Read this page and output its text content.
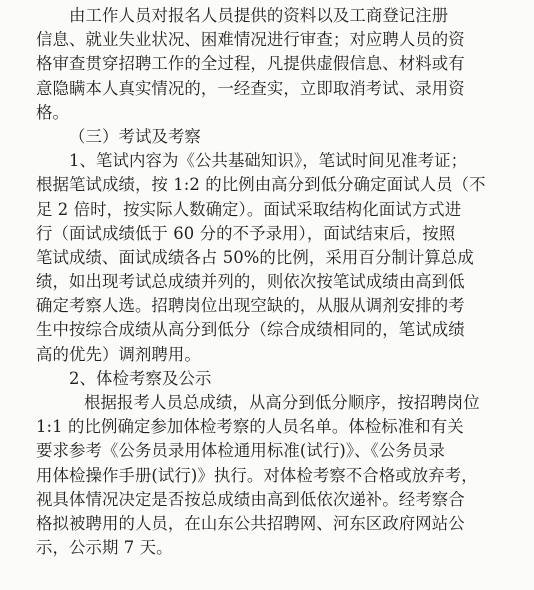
由工作人员对报名人员提供的资料以及工商登记注册
信息、就业失业状况、困难情况进行审查；对应聘人员的资
格审查贯穿招聘工作的全过程，凡提供虚假信息、材料或有
意隐瞒本人真实情况的，一经查实，立即取消考试、录用资
格。
（三）考试及考察
1、笔试内容为《公共基础知识》，笔试时间见准考证；
根据笔试成绩，按 1:2 的比例由高分到低分确定面试人员（不
足 2 倍时，按实际人数确定）。面试采取结构化面试方式进
行（面试成绩低于 60 分的不予录用），面试结束后，按照
笔试成绩、面试成绩各占 50%的比例，采用百分制计算总成
绩，如出现考试总成绩并列的，则依次按笔试成绩由高到低
确定考察人选。招聘岗位出现空缺的，从服从调剂安排的考
生中按综合成绩从高分到低分（综合成绩相同的，笔试成绩
高的优先）调剂聘用。
2、体检考察及公示
根据报考人员总成绩，从高分到低分顺序，按招聘岗位
1:1 的比例确定参加体检考察的人员名单。体检标准和有关
要求参考《公务员录用体检通用标准(试行)》、《公务员录
用体检操作手册(试行)》执行。对体检考察不合格或放弃考，
视具体情况决定是否按总成绩由高到低依次递补。经考察合
格拟被聘用的人员，在山东公共招聘网、河东区政府网站公
示，公示期 7 天。
